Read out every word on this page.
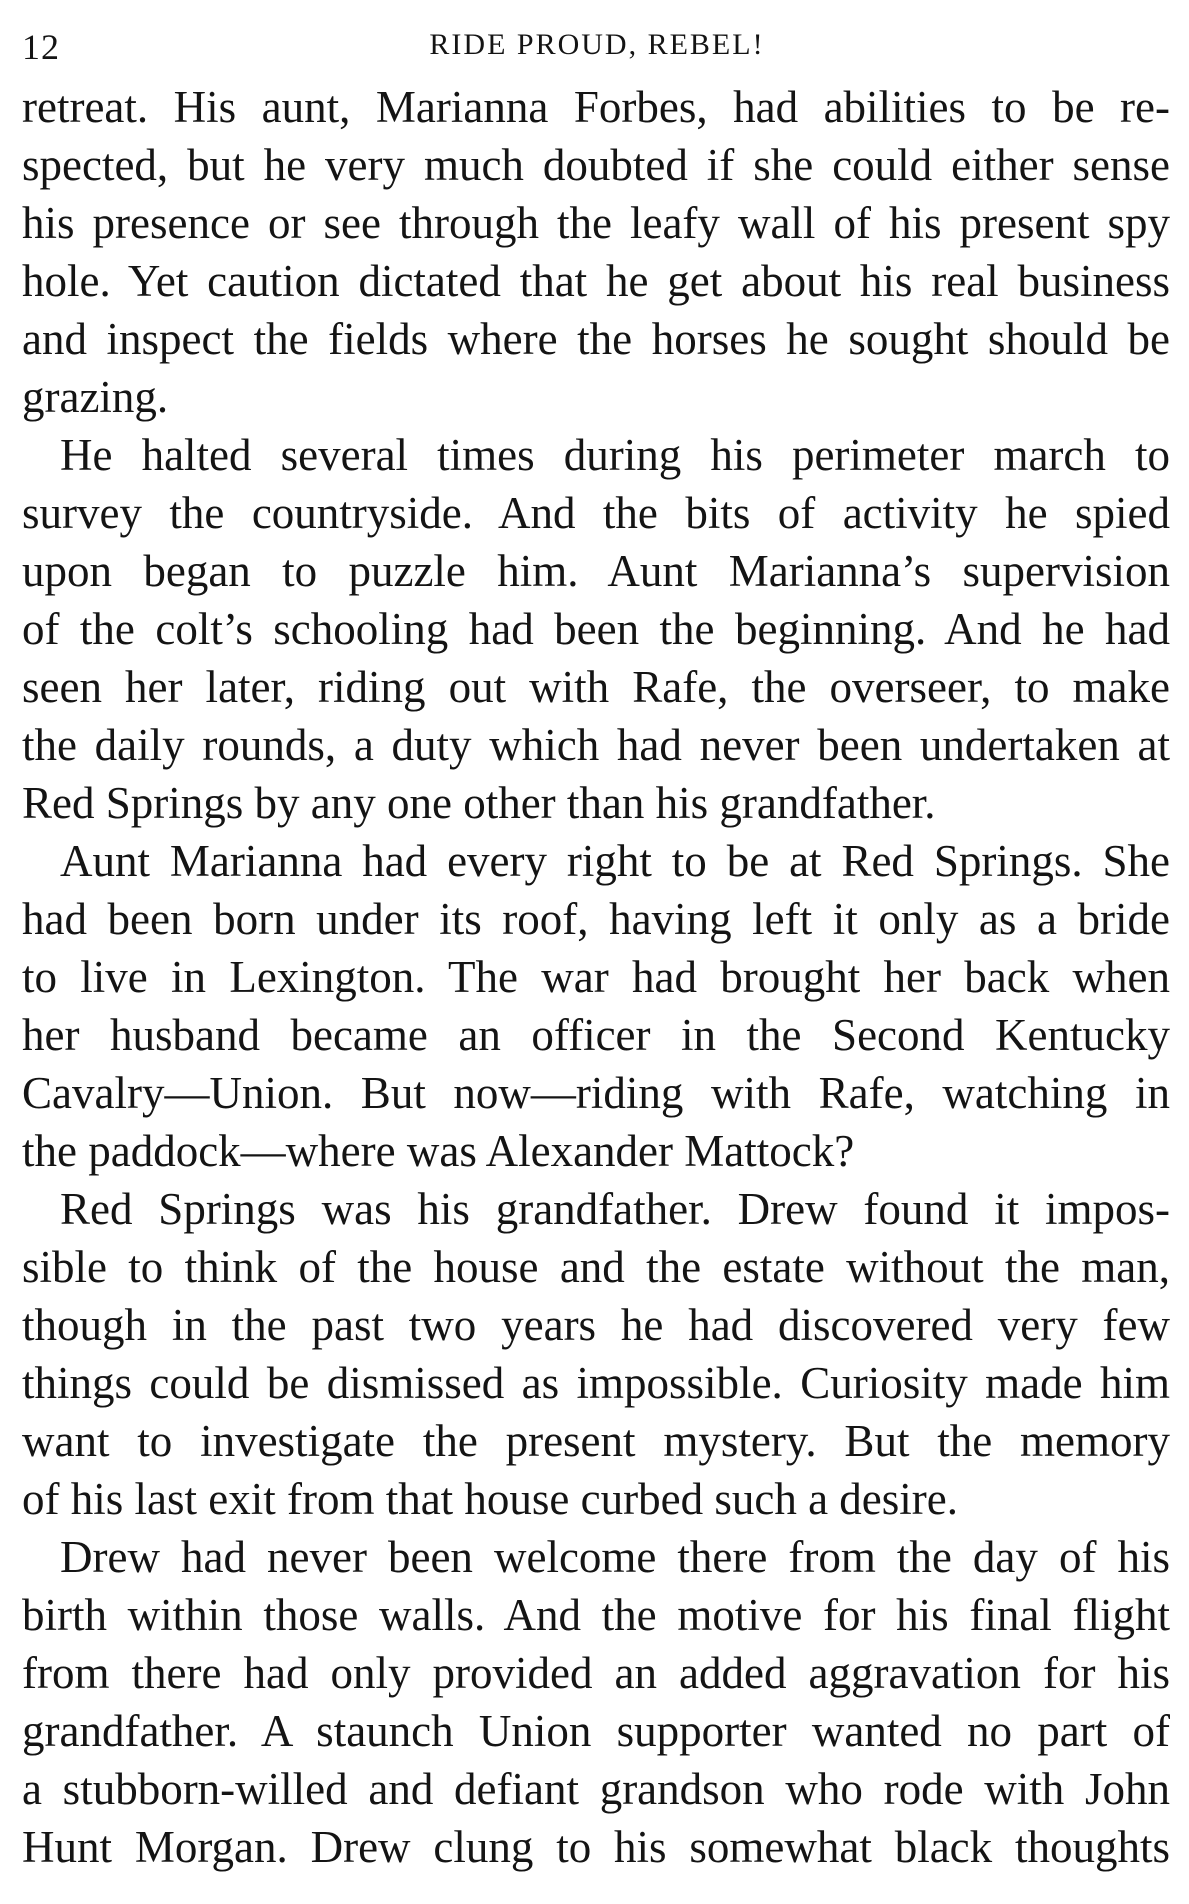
12	RIDE PROUD, REBEL!
retreat. His aunt, Marianna Forbes, had abilities to be re-
spected, but he very much doubted if she could either sense
his presence or see through the leafy wall of his present spy
hole. Yet caution dictated that he get about his real business
and inspect the fields where the horses he sought should be
grazing.
He halted several times during his perimeter march to
survey the countryside. And the bits of activity he spied
upon began to puzzle him. Aunt Marianna’s supervision
of the colt’s schooling had been the beginning. And he had
seen her later, riding out with Rafe, the overseer, to make
the daily rounds, a duty which had never been undertaken at
Red Springs by any one other than his grandfather.
Aunt Marianna had every right to be at Red Springs. She
had been born under its roof, having left it only as a bride
to live in Lexington. The war had brought her back when
her husband became an officer in the Second Kentucky
Cavalry—Union. But now—riding with Rafe, watching in
the paddock—where was Alexander Mattock?
Red Springs was his grandfather. Drew found it impos-
sible to think of the house and the estate without the man,
though in the past two years he had discovered very few
things could be dismissed as impossible. Curiosity made him
want to investigate the present mystery. But the memory
of his last exit from that house curbed such a desire.
Drew had never been welcome there from the day of his
birth within those walls. And the motive for his final flight
from there had only provided an added aggravation for his
grandfather. A staunch Union supporter wanted no part of
a stubborn-willed and defiant grandson who rode with John
Hunt Morgan. Drew clung to his somewhat black thoughts
